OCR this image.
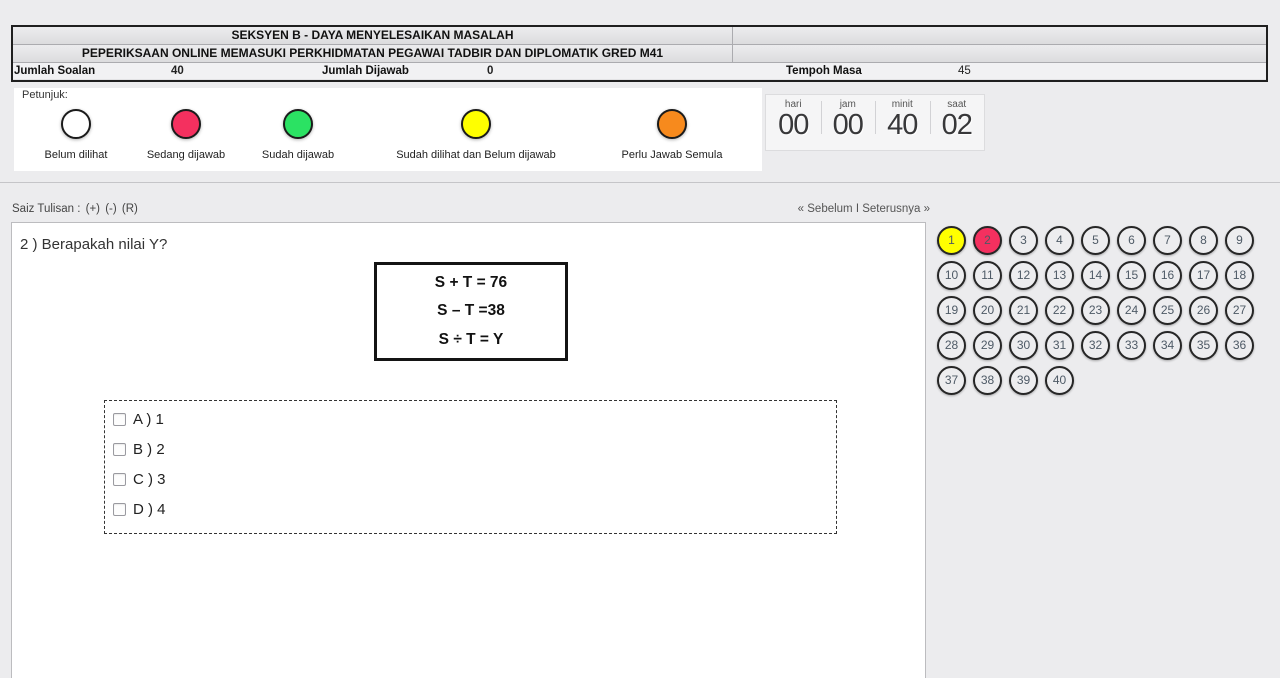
SEKSYEN B - DAYA MENYELESAIKAN MASALAH
PEPERIKSAAN ONLINE MEMASUKI PERKHIDMATAN PEGAWAI TADBIR DAN DIPLOMATIK GRED M41
Jumlah Soalan	40	Jumlah Dijawab	0	Tempoh Masa	45
Petunjuk:
Belum dilihat	Sedang dijawab	Sudah dijawab	Sudah dilihat dan Belum dijawab	Perlu Jawab Semula
hari
00
jam
00
minit
40
saat
02
Saiz Tulisan : (+) (-) (R)	« Sebelum I Seterusnya »
2 ) Berapakah nilai Y?
S + T = 76
S – T =38
S ÷ T = Y
A ) 1
B ) 2
C ) 3
D ) 4
1	2	3	4	5	6	7	8	9
10	11	12	13	14	15	16	17	18
19	20	21	22	23	24	25	26	27
28	29	30	31	32	33	34	35	36
37	38	39	40
